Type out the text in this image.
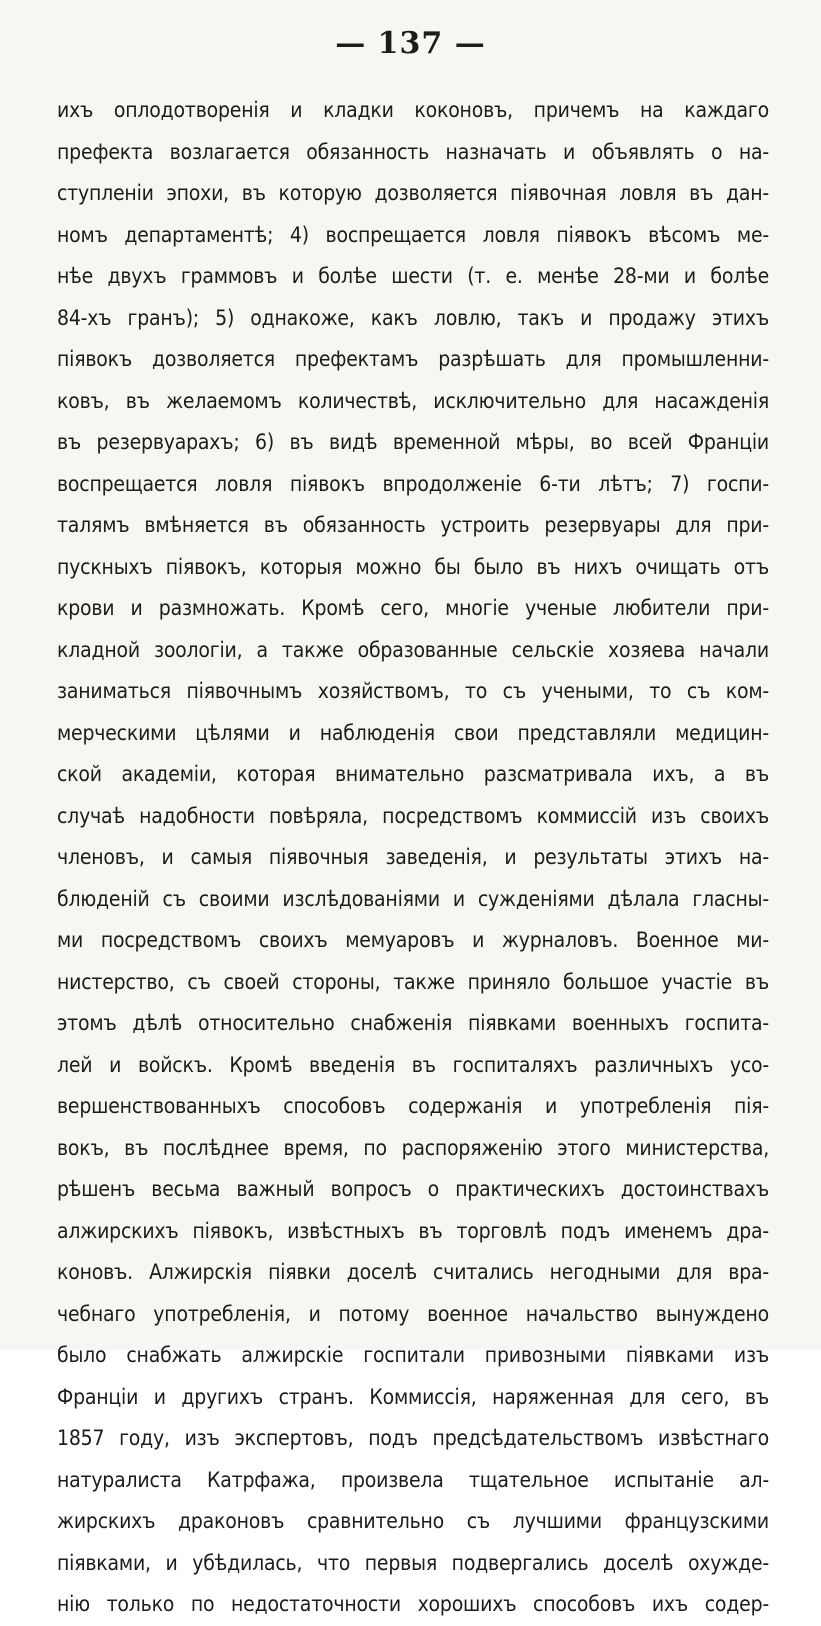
— 137 —
ихъ оплодотворенія и кладки коконовъ, причемъ на каждаго
префекта возлагается обязанность назначать и объявлять о на-
ступленіи эпохи, въ которую дозволяется піявочная ловля въ дан-
номъ департаментѣ; 4) воспрещается ловля піявокъ вѣсомъ ме-
нѣе двухъ граммовъ и болѣе шести (т. е. менѣе 28-ми и болѣе
84-хъ гранъ); 5) однакоже, какъ ловлю, такъ и продажу этихъ
піявокъ дозволяется префектамъ разрѣшать для промышленни-
ковъ, въ желаемомъ количествѣ, исключительно для насажденія
въ резервуарахъ; 6) въ видѣ временной мѣры, во всей Франціи
воспрещается ловля піявокъ впродолженіе 6-ти лѣтъ; 7) госпи-
талямъ вмѣняется въ обязанность устроить резервуары для при-
пускныхъ піявокъ, которыя можно бы было въ нихъ очищать отъ
крови и размножать. Кромѣ сего, многіе ученые любители при-
кладной зоологіи, а также образованные сельскіе хозяева начали
заниматься піявочнымъ хозяйствомъ, то съ учеными, то съ ком-
мерческими цѣлями и наблюденія свои представляли медицин-
ской академіи, которая внимательно разсматривала ихъ, а въ
случаѣ надобности повѣряла, посредствомъ коммиссій изъ своихъ
членовъ, и самыя піявочныя заведенія, и результаты этихъ на-
блюденій съ своими изслѣдованіями и сужденіями дѣлала гласны-
ми посредствомъ своихъ мемуаровъ и журналовъ. Военное ми-
нистерство, съ своей стороны, также приняло большое участіе въ
этомъ дѣлѣ относительно снабженія піявками военныхъ госпита-
лей и войскъ. Кромѣ введенія въ госпиталяхъ различныхъ усо-
вершенствованныхъ способовъ содержанія и употребленія пія-
вокъ, въ послѣднее время, по распоряженію этого министерства,
рѣшенъ весьма важный вопросъ о практическихъ достоинствахъ
алжирскихъ піявокъ, извѣстныхъ въ торговлѣ подъ именемъ дра-
коновъ. Алжирскія піявки доселѣ считались негодными для вра-
чебнаго употребленія, и потому военное начальство вынуждено
было снабжать алжирскіе госпитали привозными піявками изъ
Франціи и другихъ странъ. Коммиссія, наряженная для сего, въ
1857 году, изъ экспертовъ, подъ предсѣдательствомъ извѣстнаго
натуралиста Катрфажа, произвела тщательное испытаніе ал-
жирскихъ драконовъ сравнительно съ лучшими французскими
піявками, и убѣдилась, что первыя подвергались доселѣ охужде-
нію только по недостаточности хорошихъ способовъ ихъ содер-
